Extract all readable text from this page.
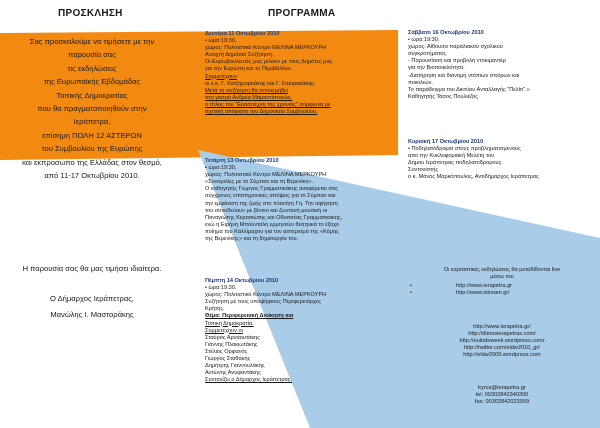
ΠΡΟΣΚΛΗΣΗ	ΠΡΟΓΡΑΜΜΑ

Σας προσκαλούμε να τιμήσετε με την

παρουσία σας

τις εκδηλώσεις

της Ευρωπαϊκής Εβδομάδας

Τοπικής Δημοκρατίας

που θα πραγματοποιηθούν στην

Ιεράπετρα,

επίσημη ΠΟΛΗ 12 ΑΣΤΕΡΩΝ

του Συμβουλίου της Ευρώπης

και εκπροσωπο της Ελλάδας στον θεσμό,

από 11-17 Οκτωβρίου 2010.

Η παρουσία σας θα μας τιμήσει ιδιαίτερα.
Ο Δήμαρχος Ιεράπετρας,
Μανώλης Ι. Μαστοράκης
Δευτέρα 11 Οκτωβρίου 2010
• ώρα:19:30,
χώρος: Πολιτιστικό Κέντρο ΜΕΛΙΝΑ ΜΕΡΚΟΥΡΗ
Ανοιχτή Δημόσια Συζήτηση.
Οι Ευρωβουλευτές μας μιλούν με τους Δημότες μας
για την Ευρώπη και το Περιβάλλον.
Συμμετέχουν
οι κ.κ. Γ. Χατζημαρκάκης και Γ. Σταυρακάκης.
Μετά τη συζήτηση θα απονεμηθεί
στο γιατρό Ανδρέα Μαμαντόπουλο,
ο τίτλος του "Ερασιτέχνη της χρονιάς" σύμφωνα με
σχετική απόφαση του Δημοτικού Συμβουλίου.
Τετάρτη 13 Οκτωβρίου 2010
• ώρα:19:30,
χώρος: Πολιτιστικό Κέντρο ΜΕΛΙΝΑ ΜΕΡΚΟΥΡΗ
«Συνομιλίες με το Σύμπαν και τη Βερενίκη».
Ο καθηγητής Γιώργος Γραμματικάκης αναφέρεται στις
σύγχρονες επιστημονικές απόψεις για το Σύμπαν και
την εμφάνιση της ζωής στο πλανήτη Γη. Την αφήγηση
του συνοδεύουν με βίντεο και ζωντανή μουσική οι
Παναγιώτης Κερασιώτης και Οδυσσέας Γραμματικάκης,
ενώ η Ειρήνη Μπούνταλη ερμηνεύει θεατρικά το έξοχο
ποίημα του Καλλίμαχου για τον αστερισμό της «Κόμης
της Βερενίκης» και τη δημιουργία του.
Πέμπτη 14 Οκτωβρίου 2010
• ώρα:19:30,
χώρος: Πολιτιστικό Κέντρο ΜΕΛΙΝΑ ΜΕΡΚΟΥΡΗ
Συζήτηση με τους υποψήφιους Περιφερειάρχες
Κρήτης.
Θέμα: Περιφερειακή Διοίκηση και
Τοπική Δημοκρατία.
Συμμετέχουν οι
Σταύρος Αρναουτάκης
Γιάννης Πλακιωτάκης
Στέλιος Ορφανός
Γιώργος Σταθάκης
Δημήτρης Γιαννουλάκης
Αντώνης Ανυφαντάκης
Συντονίζει ο Δήμαρχος Ιεράπετρας.
Σάββατο 16 Οκτωβρίου 2010
• ώρα:19:30,
χώρος: Αίθουσα παραλιακού σχολικού
συγκροτήματος
- Παρουσίαση και προβολή ντοκιμαντέρ
για την Βιοποικιλότητα.
-Διατήρηση και διανομή ντόπιων σπόρων και
ποικιλιών.
Το παράδειγμα του Δικτύου Ανταλλαγής "Πελίτι".»
Καθηγητής Τάσος Πουλιέζος
Κυριακή 17 Οκτωβρίου 2010
• Ποδηλατόδρομια στους προβληματισμένους
απο την Κυκλοφοριακή Μελέτη του
Δήμου Ιεράπετρας ποδηλατοδρομους.
Συντονιστής
ο κ. Μάνος Μαρκόπουλος, Αντιδήμαρχος Ιεράπετρας
Οι εορταστικές εκδηλώσεις θα μεταδίδονται live
μέσω του
•	http://www.ierapetra.gr
•	http://www.istream.gr/
http://www.ierapetra.gr/
http://dimosierapetras.com/
http://eulodeweek.wordpress.com/
http://twitter.com/eldw2010_gr/
http://eldw2009.wordpress.com
kyrva@ierapetra.gr
tel: 00302842340300
fax: 00302842023999
